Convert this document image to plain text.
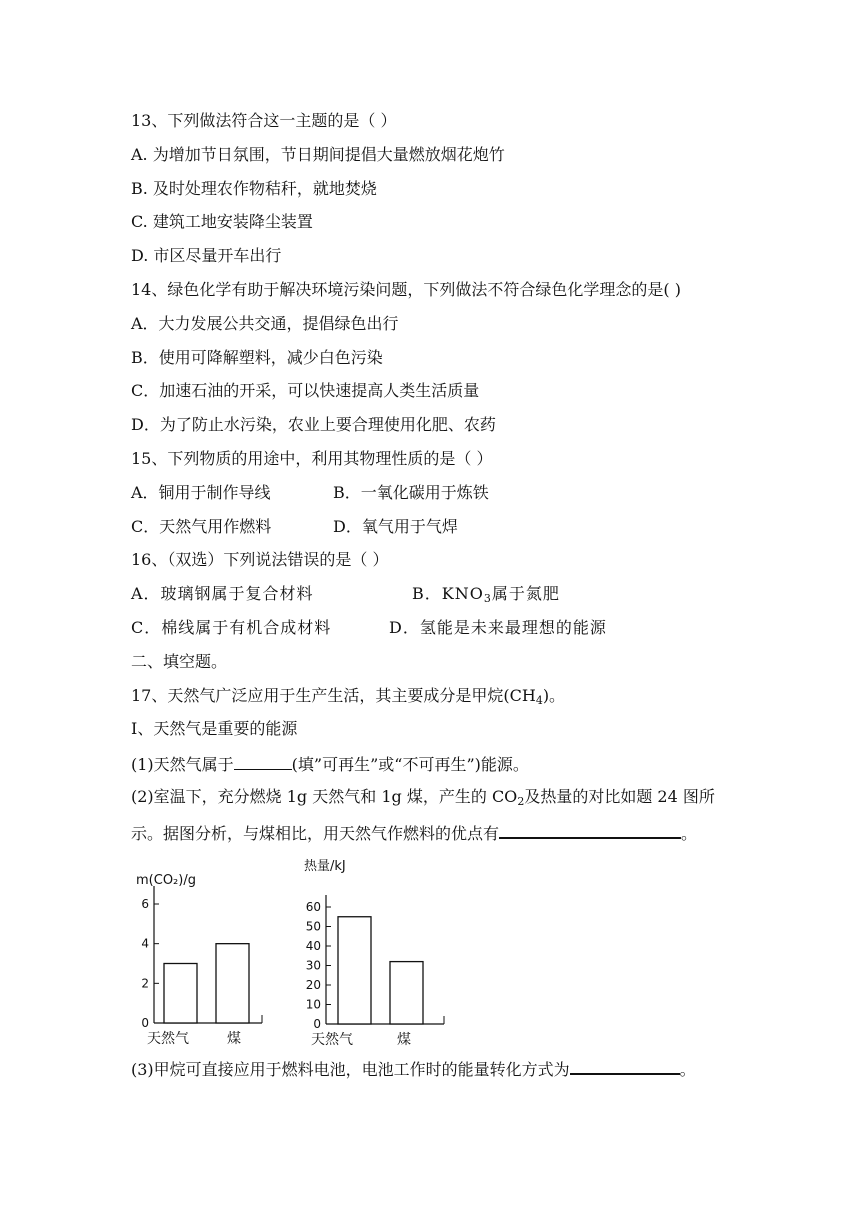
13、下列做法符合这一主题的是（ ）
A. 为增加节日氛围，节日期间提倡大量燃放烟花炮竹
B. 及时处理农作物秸秆，就地焚烧
C. 建筑工地安装降尘装置
D. 市区尽量开车出行
14、绿色化学有助于解决环境污染问题，下列做法不符合绿色化学理念的是( )
A．大力发展公共交通，提倡绿色出行
B．使用可降解塑料，减少白色污染
C．加速石油的开采，可以快速提高人类生活质量
D．为了防止水污染，农业上要合理使用化肥、农药
15、下列物质的用途中，利用其物理性质的是（ ）
A．铜用于制作导线	B．一氧化碳用于炼铁
C．天然气用作燃料	D．氧气用于气焊
16、（双选）下列说法错误的是（ ）
A．玻璃钢属于复合材料	B．$KNO_3$属于氮肥
C．棉线属于有机合成材料	D．氢能是未来最理想的能源
二、填空题。
17、天然气广泛应用于生产生活，其主要成分是甲烷$(CH_4)$。
Ⅰ、天然气是重要的能源
(1)天然气属于	(填”可再生”或“不可再生”)能源。
(2)室温下，充分燃烧 1g 天然气和 1g 煤，产生的 $CO_2$及热量的对比如题 24 图所
示。据图分析，与煤相比，用天然气作燃料的优点有	。
m(CO₂)/g
0
2
4
6
天然气	煤
热量/kJ
0
10
20
30
40
50
60
天然气	煤
(3)甲烷可直接应用于燃料电池，电池工作时的能量转化方式为	。
